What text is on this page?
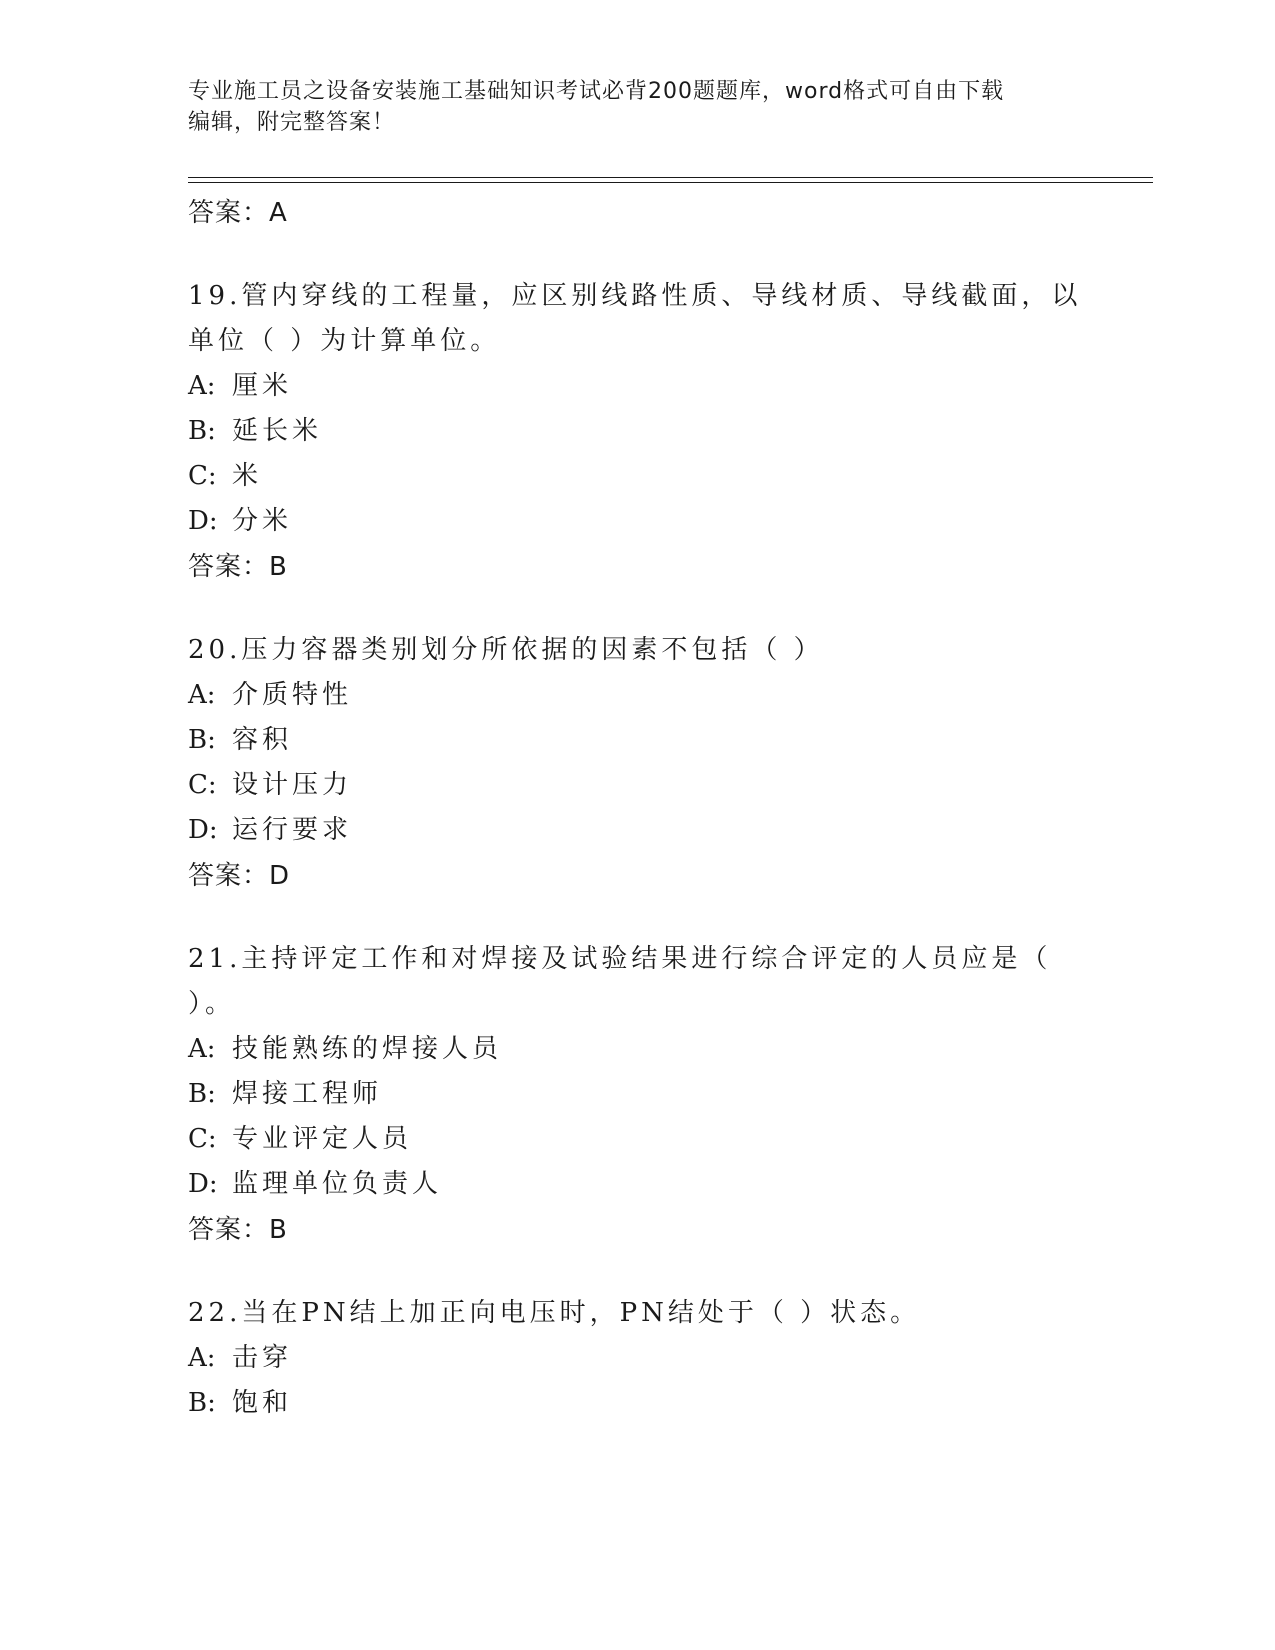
专业施工员之设备安装施工基础知识考试必背200题题库，word格式可自由下载
编辑，附完整答案！
答案：A
19.管内穿线的工程量，应区别线路性质、导线材质、导线截面，以单位（ ）为计算单位。
A: 厘米
B: 延长米
C: 米
D: 分米
答案：B
20.压力容器类别划分所依据的因素不包括（ ）
A: 介质特性
B: 容积
C: 设计压力
D: 运行要求
答案：D
21.主持评定工作和对焊接及试验结果进行综合评定的人员应是（ ）。
A: 技能熟练的焊接人员
B: 焊接工程师
C: 专业评定人员
D: 监理单位负责人
答案：B
22.当在PN结上加正向电压时，PN结处于（ ）状态。
A: 击穿
B: 饱和
